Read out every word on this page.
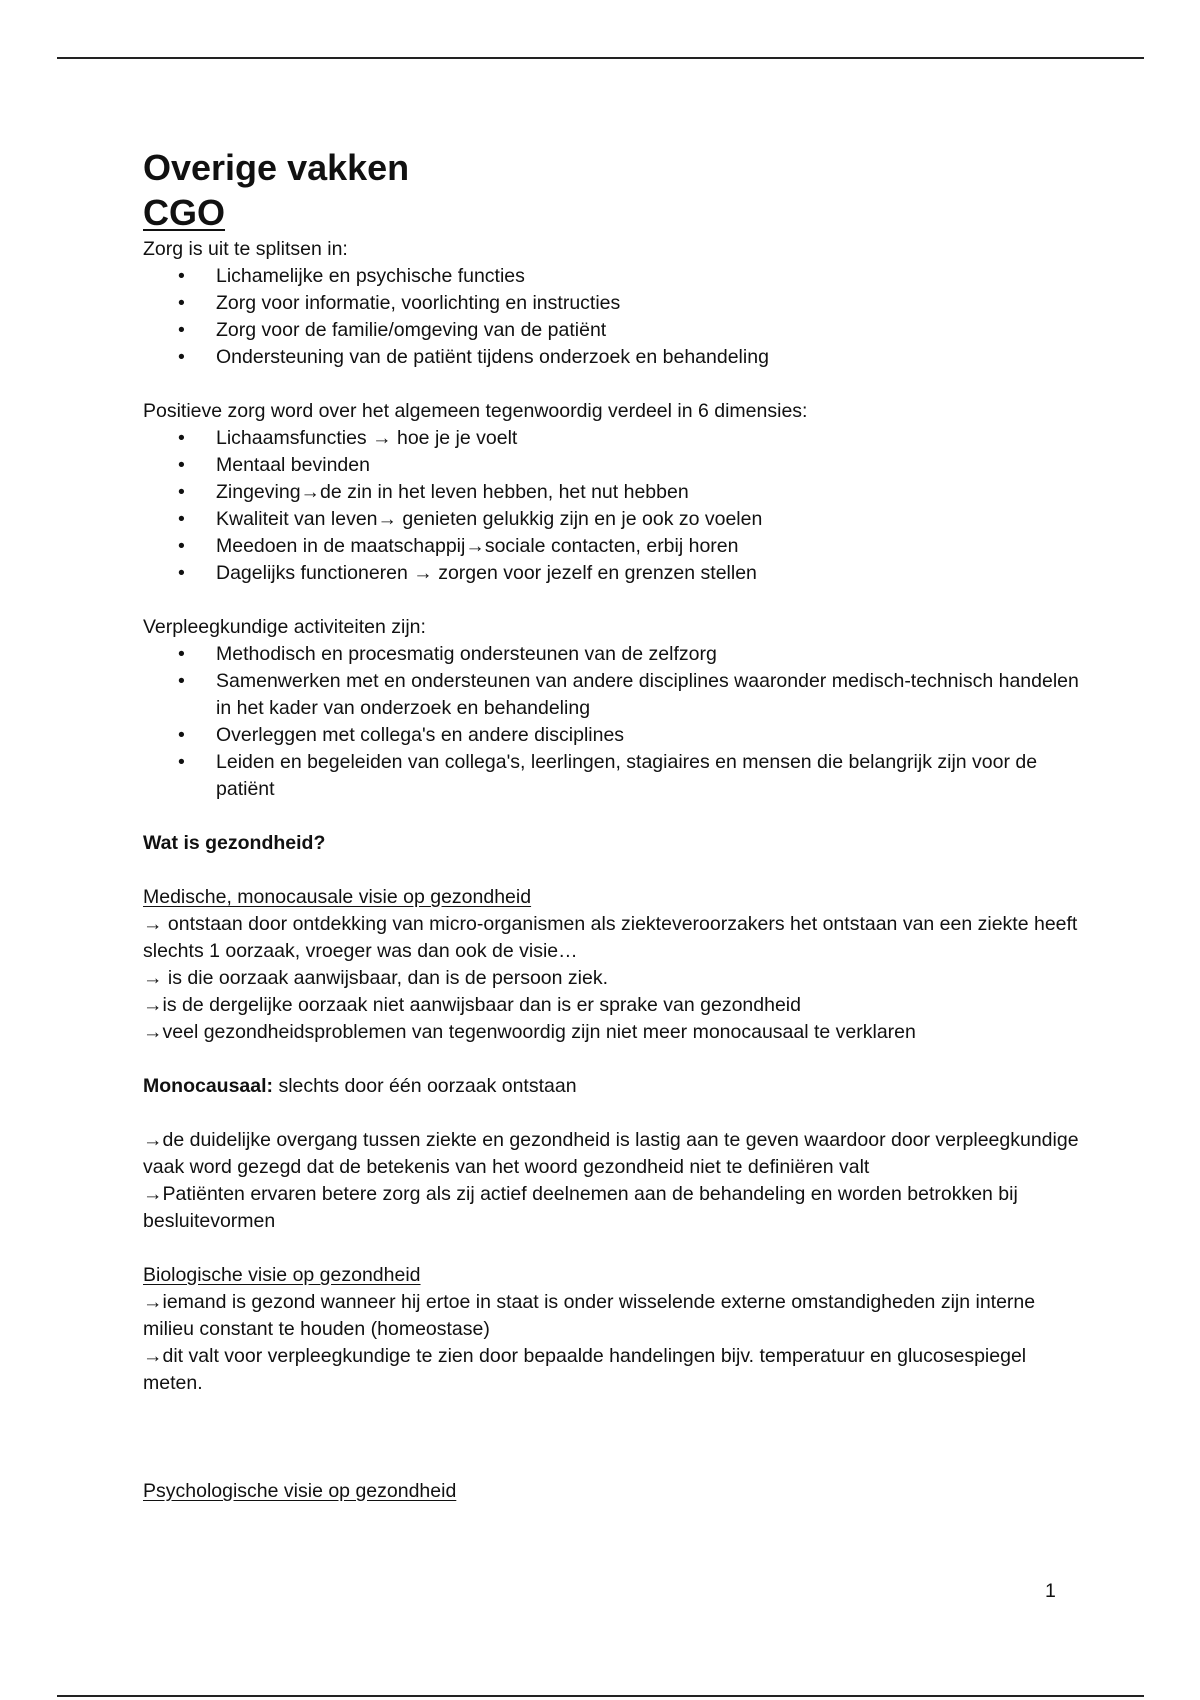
Overige vakken
CGO

Zorg is uit te splitsen in:

• Lichamelijke en psychische functies
• Zorg voor informatie, voorlichting en instructies
• Zorg voor de familie/omgeving van de patiënt
• Ondersteuning van de patiënt tijdens onderzoek en behandeling

Positieve zorg word over het algemeen tegenwoordig verdeel in 6 dimensies:

• Lichaamsfuncties → hoe je je voelt
• Mentaal bevinden
• Zingeving→de zin in het leven hebben, het nut hebben
• Kwaliteit van leven→ genieten gelukkig zijn en je ook zo voelen
• Meedoen in de maatschappij→sociale contacten, erbij horen
• Dagelijks functioneren → zorgen voor jezelf en grenzen stellen

Verpleegkundige activiteiten zijn:

• Methodisch en procesmatig ondersteunen van de zelfzorg
• Samenwerken met en ondersteunen van andere disciplines waaronder medisch-technisch handelen in het kader van onderzoek en behandeling
• Overleggen met collega's en andere disciplines
• Leiden en begeleiden van collega's, leerlingen, stagiaires en mensen die belangrijk zijn voor de patiënt

Wat is gezondheid?

Medische, monocausale visie op gezondheid

→ ontstaan door ontdekking van micro-organismen als ziekteveroorzakers het ontstaan van een ziekte heeft slechts 1 oorzaak, vroeger was dan ook de visie…

→ is die oorzaak aanwijsbaar, dan is de persoon ziek.

→is de dergelijke oorzaak niet aanwijsbaar dan is er sprake van gezondheid

→veel gezondheidsproblemen van tegenwoordig zijn niet meer monocausaal te verklaren

Monocausaal: slechts door één oorzaak ontstaan

→de duidelijke overgang tussen ziekte en gezondheid is lastig aan te geven waardoor door verpleegkundige vaak word gezegd dat de betekenis van het woord gezondheid niet te definiëren valt

→Patiënten ervaren betere zorg als zij actief deelnemen aan de behandeling en worden betrokken bij besluitevormen

Biologische visie op gezondheid

→iemand is gezond wanneer hij ertoe in staat is onder wisselende externe omstandigheden zijn interne milieu constant te houden (homeostase)

→dit valt voor verpleegkundige te zien door bepaalde handelingen bijv. temperatuur en glucosespiegel meten.

Psychologische visie op gezondheid

1
